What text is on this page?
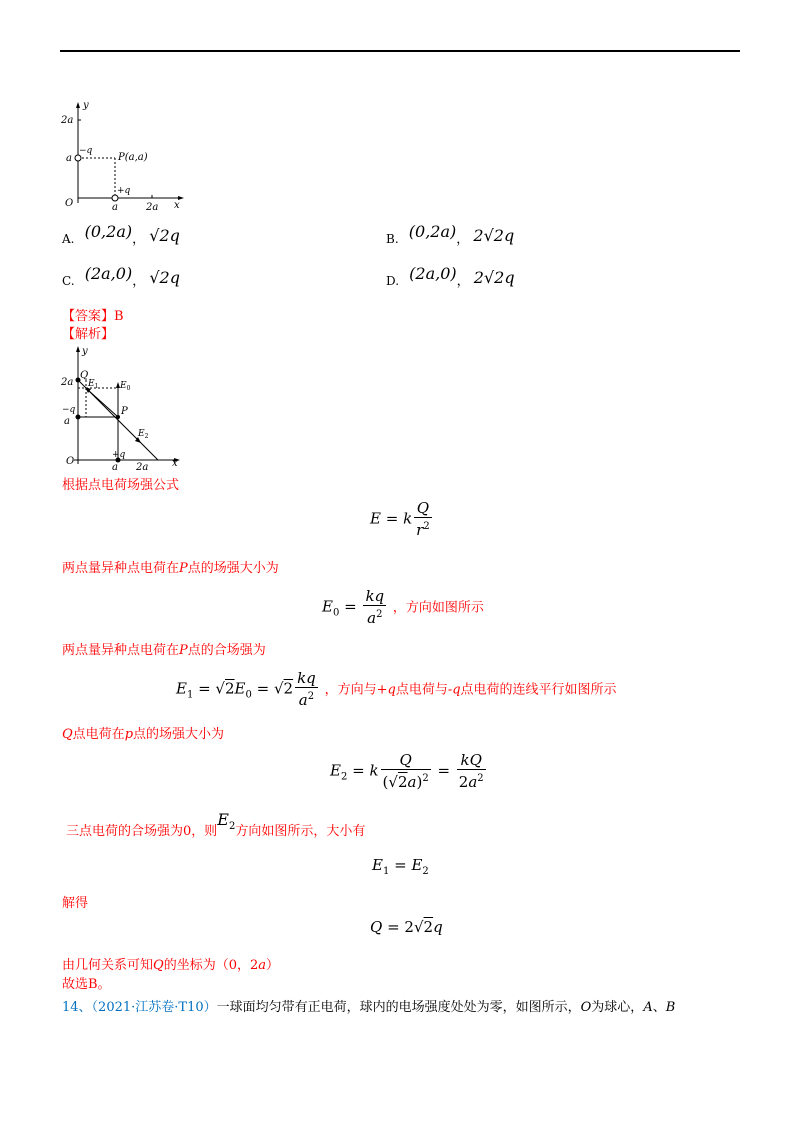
y
2a
−q
a	P(a,a)
+q
O	a	2a x
A. (0,2a)， √2q	B. (0,2a)， 2√2q
C. (2a,0)， √2q	D. (2a,0)， 2√2q
【答案】B
【解析】
y
2a
Q
$E_1$ $E_0$
−q
a
P
$E_2$
O
+q
a 2a x
根据点电荷场强公式
E = k $\frac{Q}{r^2}$
两点量异种点电荷在P点的场强大小为
$E_0 = \frac{kq}{a^2}$ ，方向如图所示
两点量异种点电荷在P点的合场强为
$E_1 = √2E_0 = √2 \frac{kq}{a^2}$ ，方向与+q点电荷与-q点电荷的连线平行如图所示
Q点电荷在p点的场强大小为
$E_2 = k \frac{Q}{(√2a)^2} = \frac{kQ}{2a^2}$
三点电荷的合场强为0，则$E_2$方向如图所示，大小有
$E_1 = E_2$
解得
Q = 2√2q
由几何关系可知Q的坐标为（0，2a）
故选B。
14、（2021·江苏卷·T10）一球面均匀带有正电荷，球内的电场强度处处为零，如图所示，O为球心，A、B
